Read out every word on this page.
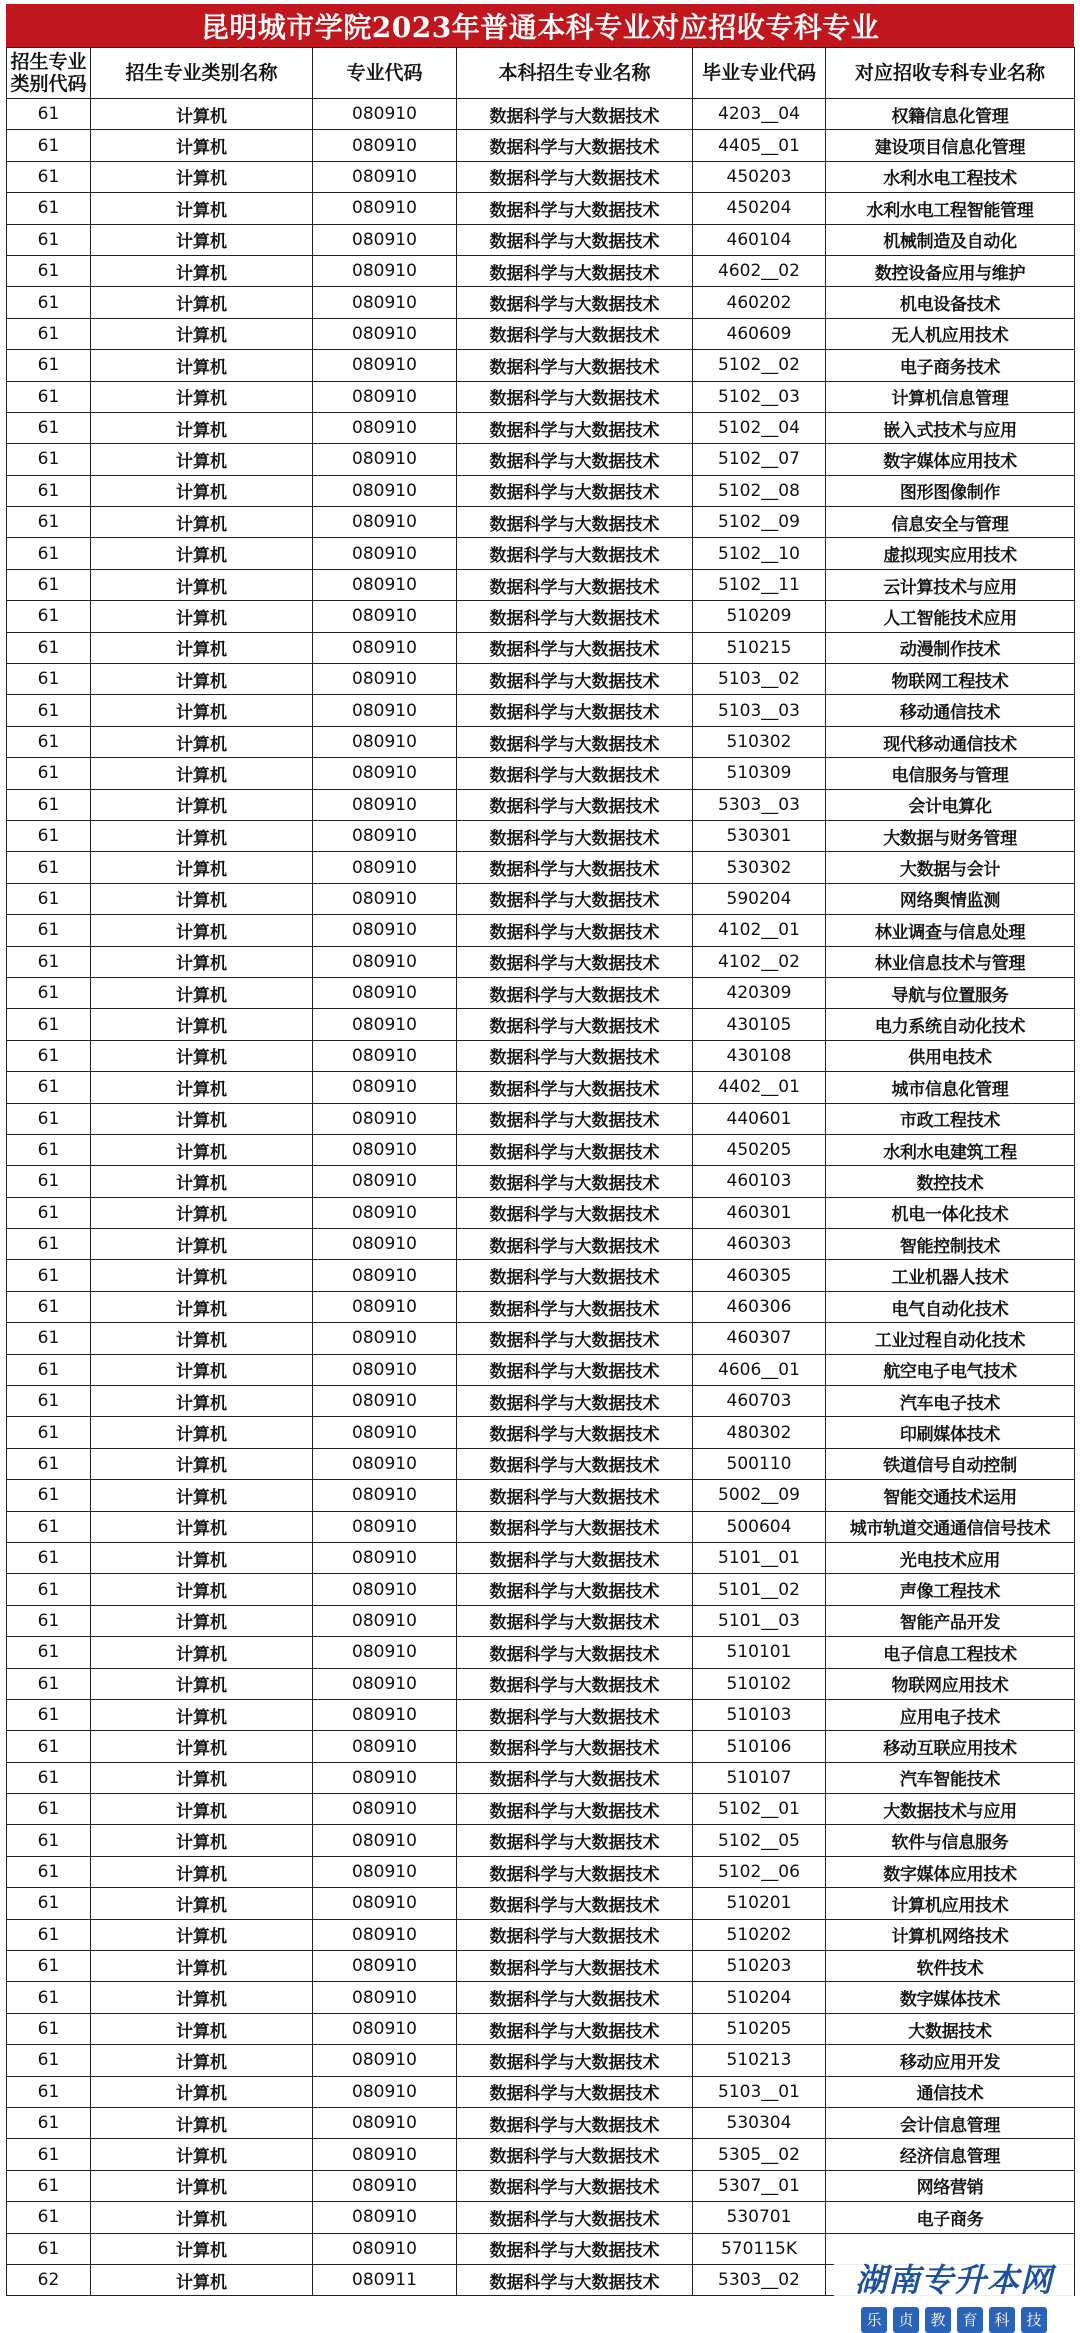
昆明城市学院2023年普通本科专业对应招收专科专业
招生专业类别代码	招生专业类别名称	专业代码	本科招生专业名称	毕业专业代码	对应招收专科专业名称
61	计算机	080910	数据科学与大数据技术	4203__04	权籍信息化管理
61	计算机	080910	数据科学与大数据技术	4405__01	建设项目信息化管理
61	计算机	080910	数据科学与大数据技术	450203	水利水电工程技术
61	计算机	080910	数据科学与大数据技术	450204	水利水电工程智能管理
61	计算机	080910	数据科学与大数据技术	460104	机械制造及自动化
61	计算机	080910	数据科学与大数据技术	4602__02	数控设备应用与维护
61	计算机	080910	数据科学与大数据技术	460202	机电设备技术
61	计算机	080910	数据科学与大数据技术	460609	无人机应用技术
61	计算机	080910	数据科学与大数据技术	5102__02	电子商务技术
61	计算机	080910	数据科学与大数据技术	5102__03	计算机信息管理
61	计算机	080910	数据科学与大数据技术	5102__04	嵌入式技术与应用
61	计算机	080910	数据科学与大数据技术	5102__07	数字媒体应用技术
61	计算机	080910	数据科学与大数据技术	5102__08	图形图像制作
61	计算机	080910	数据科学与大数据技术	5102__09	信息安全与管理
61	计算机	080910	数据科学与大数据技术	5102__10	虚拟现实应用技术
61	计算机	080910	数据科学与大数据技术	5102__11	云计算技术与应用
61	计算机	080910	数据科学与大数据技术	510209	人工智能技术应用
61	计算机	080910	数据科学与大数据技术	510215	动漫制作技术
61	计算机	080910	数据科学与大数据技术	5103__02	物联网工程技术
61	计算机	080910	数据科学与大数据技术	5103__03	移动通信技术
61	计算机	080910	数据科学与大数据技术	510302	现代移动通信技术
61	计算机	080910	数据科学与大数据技术	510309	电信服务与管理
61	计算机	080910	数据科学与大数据技术	5303__03	会计电算化
61	计算机	080910	数据科学与大数据技术	530301	大数据与财务管理
61	计算机	080910	数据科学与大数据技术	530302	大数据与会计
61	计算机	080910	数据科学与大数据技术	590204	网络舆情监测
61	计算机	080910	数据科学与大数据技术	4102__01	林业调查与信息处理
61	计算机	080910	数据科学与大数据技术	4102__02	林业信息技术与管理
61	计算机	080910	数据科学与大数据技术	420309	导航与位置服务
61	计算机	080910	数据科学与大数据技术	430105	电力系统自动化技术
61	计算机	080910	数据科学与大数据技术	430108	供用电技术
61	计算机	080910	数据科学与大数据技术	4402__01	城市信息化管理
61	计算机	080910	数据科学与大数据技术	440601	市政工程技术
61	计算机	080910	数据科学与大数据技术	450205	水利水电建筑工程
61	计算机	080910	数据科学与大数据技术	460103	数控技术
61	计算机	080910	数据科学与大数据技术	460301	机电一体化技术
61	计算机	080910	数据科学与大数据技术	460303	智能控制技术
61	计算机	080910	数据科学与大数据技术	460305	工业机器人技术
61	计算机	080910	数据科学与大数据技术	460306	电气自动化技术
61	计算机	080910	数据科学与大数据技术	460307	工业过程自动化技术
61	计算机	080910	数据科学与大数据技术	4606__01	航空电子电气技术
61	计算机	080910	数据科学与大数据技术	460703	汽车电子技术
61	计算机	080910	数据科学与大数据技术	480302	印刷媒体技术
61	计算机	080910	数据科学与大数据技术	500110	铁道信号自动控制
61	计算机	080910	数据科学与大数据技术	5002__09	智能交通技术运用
61	计算机	080910	数据科学与大数据技术	500604	城市轨道交通通信信号技术
61	计算机	080910	数据科学与大数据技术	5101__01	光电技术应用
61	计算机	080910	数据科学与大数据技术	5101__02	声像工程技术
61	计算机	080910	数据科学与大数据技术	5101__03	智能产品开发
61	计算机	080910	数据科学与大数据技术	510101	电子信息工程技术
61	计算机	080910	数据科学与大数据技术	510102	物联网应用技术
61	计算机	080910	数据科学与大数据技术	510103	应用电子技术
61	计算机	080910	数据科学与大数据技术	510106	移动互联应用技术
61	计算机	080910	数据科学与大数据技术	510107	汽车智能技术
61	计算机	080910	数据科学与大数据技术	5102__01	大数据技术与应用
61	计算机	080910	数据科学与大数据技术	5102__05	软件与信息服务
61	计算机	080910	数据科学与大数据技术	5102__06	数字媒体应用技术
61	计算机	080910	数据科学与大数据技术	510201	计算机应用技术
61	计算机	080910	数据科学与大数据技术	510202	计算机网络技术
61	计算机	080910	数据科学与大数据技术	510203	软件技术
61	计算机	080910	数据科学与大数据技术	510204	数字媒体技术
61	计算机	080910	数据科学与大数据技术	510205	大数据技术
61	计算机	080910	数据科学与大数据技术	510213	移动应用开发
61	计算机	080910	数据科学与大数据技术	5103__01	通信技术
61	计算机	080910	数据科学与大数据技术	530304	会计信息管理
61	计算机	080910	数据科学与大数据技术	5305__02	经济信息管理
61	计算机	080910	数据科学与大数据技术	5307__01	网络营销
61	计算机	080910	数据科学与大数据技术	530701	电子商务
61	计算机	080910	数据科学与大数据技术	570115K	
62	计算机	080911	数据科学与大数据技术	5303__02		湖南专升本网
乐	贞	教	育	科	技
